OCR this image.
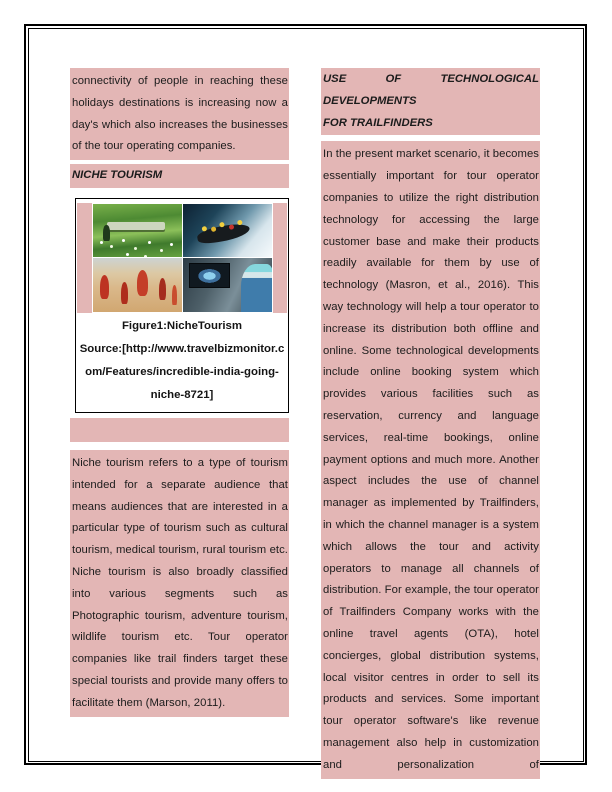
connectivity of people in reaching these holidays destinations is increasing now a day's which also increases the businesses of the tour operating companies.

NICHE TOURISM
Figure1:NicheTourism
Source:[http://www.travelbizmonitor.c
om/Features/incredible-india-going-
niche-8721]

Niche tourism refers to a type of tourism intended for a separate audience that means audiences that are interested in a particular type of tourism such as cultural tourism, medical tourism, rural tourism etc. Niche tourism is also broadly classified into various segments such as Photographic tourism, adventure tourism, wildlife tourism etc. Tour operator companies like trail finders target these special tourists and provide many offers to facilitate them (Marson, 2011).

USE OF TECHNOLOGICAL DEVELOPMENTS
FOR TRAILFINDERS

In the present market scenario, it becomes essentially important for tour operator companies to utilize the right distribution technology for accessing the large customer base and make their products readily available for them by use of technology (Masron, et al., 2016). This way technology will help a tour operator to increase its distribution both offline and online. Some technological developments include online booking system which provides various facilities such as reservation, currency and language services, real-time bookings, online payment options and much more. Another aspect includes the use of channel manager as implemented by Trailfinders, in which the channel manager is a system which allows the tour and activity operators to manage all channels of distribution. For example, the tour operator of Trailfinders Company works with the online travel agents (OTA), hotel concierges, global distribution systems, local visitor centres in order to sell its products and services. Some important tour operator software's like revenue management also help in customization and personalization of
